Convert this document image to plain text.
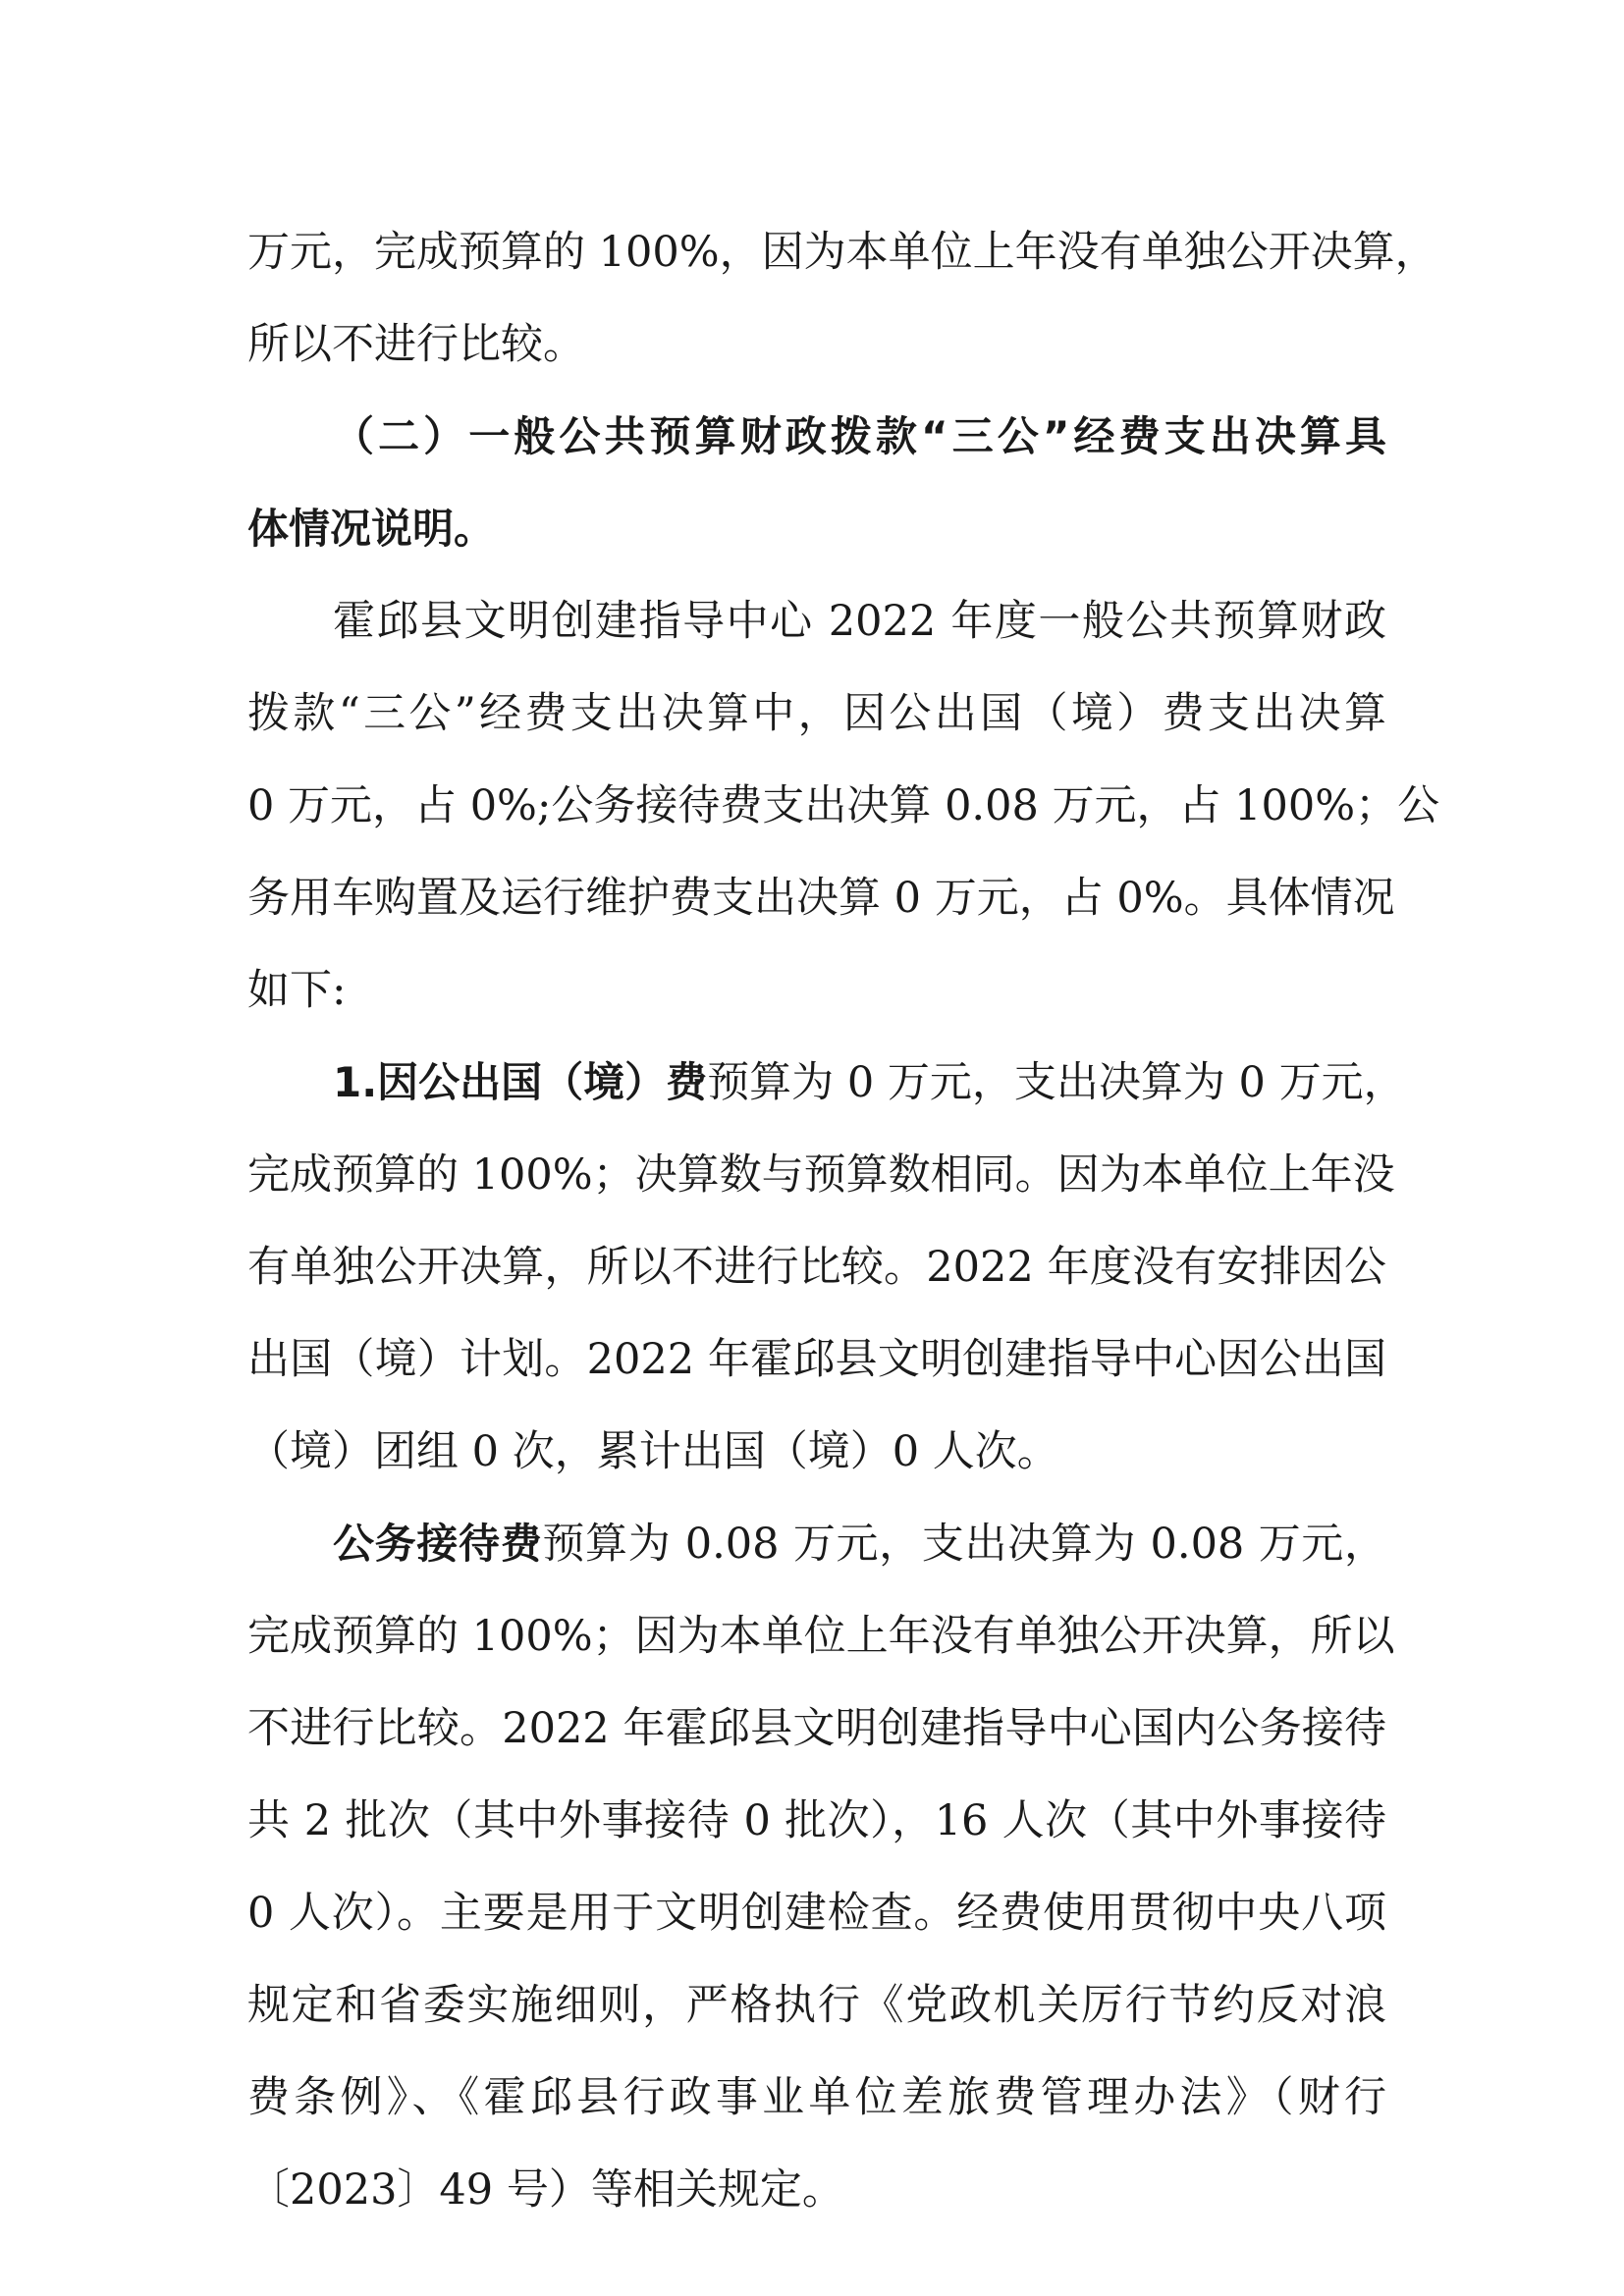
万元，完成预算的 100%，因为本单位上年没有单独公开决算，
所以不进行比较。
（二）一般公共预算财政拨款“三公”经费支出决算具
体情况说明。
霍邱县文明创建指导中心 2022 年度一般公共预算财政
拨款“三公”经费支出决算中，因公出国（境）费支出决算
0 万元，占 0%;公务接待费支出决算 0.08 万元，占 100%；公
务用车购置及运行维护费支出决算 0 万元，占 0%。具体情况
如下:
1.因公出国（境）费预算为 0 万元，支出决算为 0 万元，
完成预算的 100%；决算数与预算数相同。因为本单位上年没
有单独公开决算，所以不进行比较。2022 年度没有安排因公
出国（境）计划。2022 年霍邱县文明创建指导中心因公出国
（境）团组 0 次，累计出国（境）0 人次。
公务接待费预算为 0.08 万元，支出决算为 0.08 万元，
完成预算的 100%；因为本单位上年没有单独公开决算，所以
不进行比较。2022 年霍邱县文明创建指导中心国内公务接待
共 2 批次（其中外事接待 0 批次），16 人次（其中外事接待
0 人次）。主要是用于文明创建检查。经费使用贯彻中央八项
规定和省委实施细则，严格执行《党政机关厉行节约反对浪
费条例》、《霍邱县行政事业单位差旅费管理办法》（财行
〔2023〕49 号）等相关规定。
